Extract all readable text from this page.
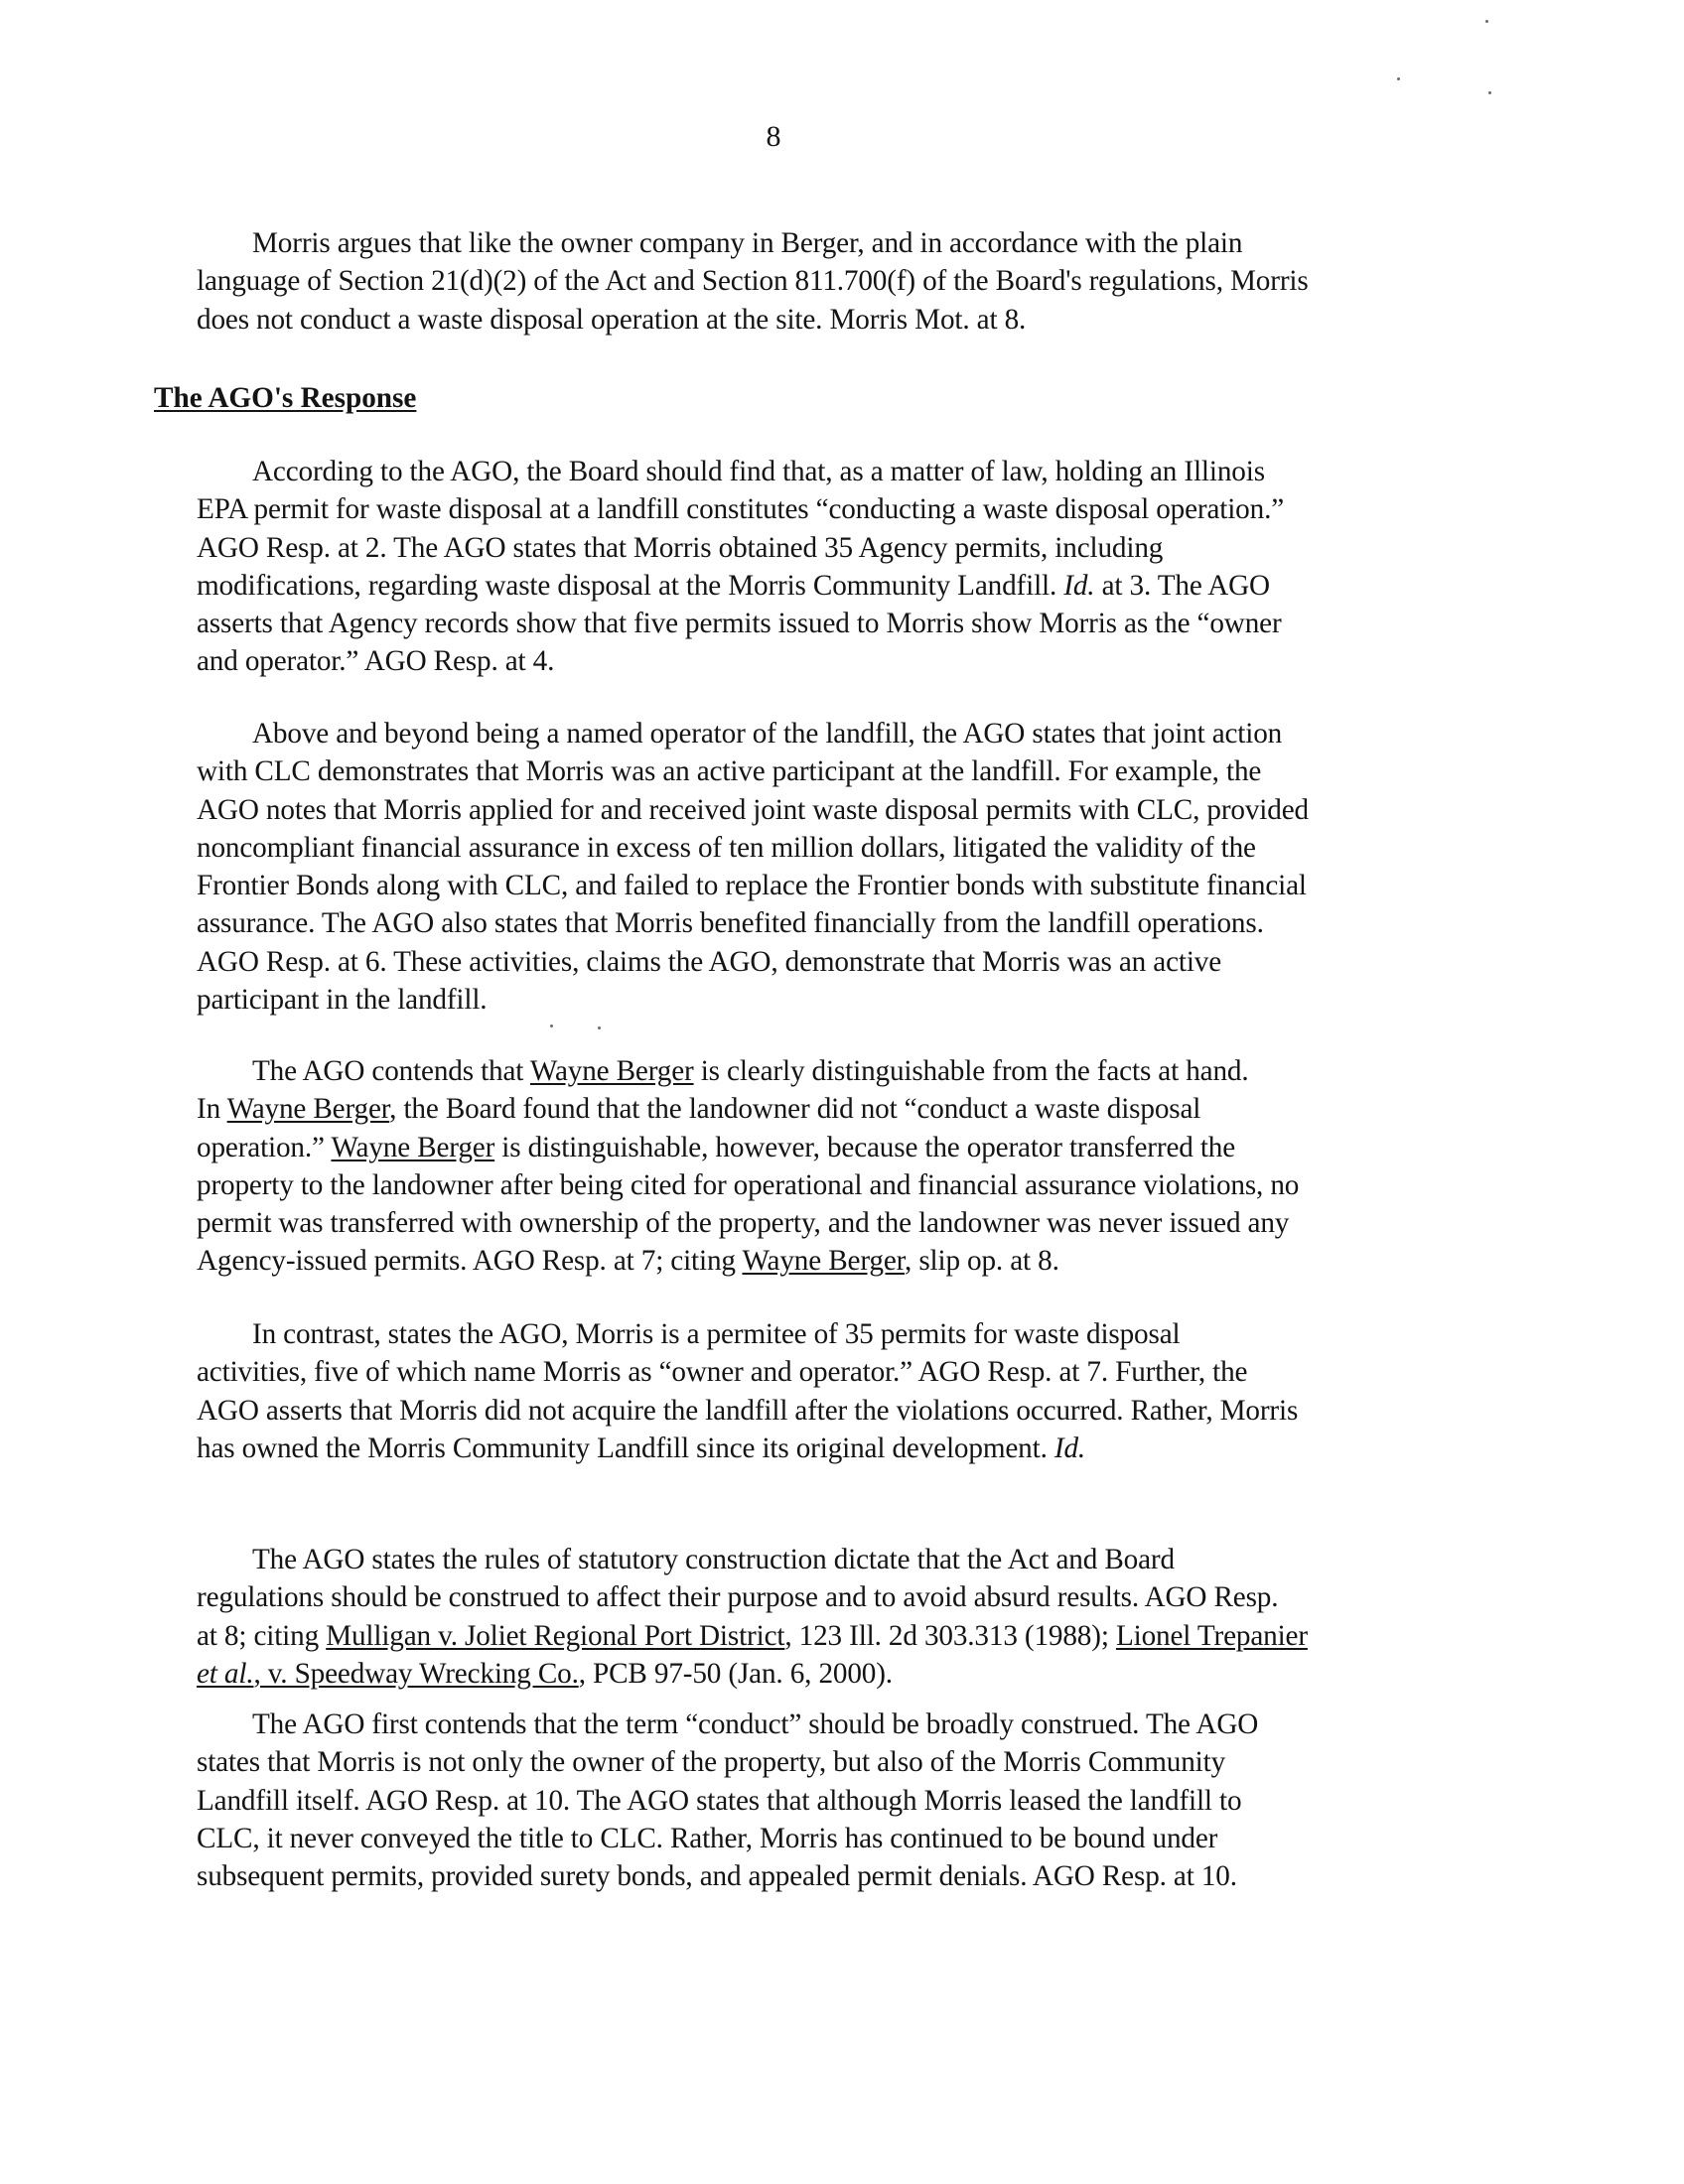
8

Morris argues that like the owner company in Berger, and in accordance with the plain
language of Section 21(d)(2) of the Act and Section 811.700(f) of the Board's regulations, Morris
does not conduct a waste disposal operation at the site. Morris Mot. at 8.

The AGO's Response

According to the AGO, the Board should find that, as a matter of law, holding an Illinois
EPA permit for waste disposal at a landfill constitutes “conducting a waste disposal operation.”
AGO Resp. at 2. The AGO states that Morris obtained 35 Agency permits, including
modifications, regarding waste disposal at the Morris Community Landfill. Id. at 3. The AGO
asserts that Agency records show that five permits issued to Morris show Morris as the “owner
and operator.” AGO Resp. at 4.

Above and beyond being a named operator of the landfill, the AGO states that joint action
with CLC demonstrates that Morris was an active participant at the landfill. For example, the
AGO notes that Morris applied for and received joint waste disposal permits with CLC, provided
noncompliant financial assurance in excess of ten million dollars, litigated the validity of the
Frontier Bonds along with CLC, and failed to replace the Frontier bonds with substitute financial
assurance. The AGO also states that Morris benefited financially from the landfill operations.
AGO Resp. at 6. These activities, claims the AGO, demonstrate that Morris was an active
participant in the landfill.

The AGO contends that Wayne Berger is clearly distinguishable from the facts at hand.
In Wayne Berger, the Board found that the landowner did not “conduct a waste disposal
operation.” Wayne Berger is distinguishable, however, because the operator transferred the
property to the landowner after being cited for operational and financial assurance violations, no
permit was transferred with ownership of the property, and the landowner was never issued any
Agency-issued permits. AGO Resp. at 7; citing Wayne Berger, slip op. at 8.

In contrast, states the AGO, Morris is a permitee of 35 permits for waste disposal
activities, five of which name Morris as “owner and operator.” AGO Resp. at 7. Further, the
AGO asserts that Morris did not acquire the landfill after the violations occurred. Rather, Morris
has owned the Morris Community Landfill since its original development. Id.

The AGO states the rules of statutory construction dictate that the Act and Board
regulations should be construed to affect their purpose and to avoid absurd results. AGO Resp.
at 8; citing Mulligan v. Joliet Regional Port District, 123 Ill. 2d 303.313 (1988); Lionel Trepanier
et al., v. Speedway Wrecking Co., PCB 97-50 (Jan. 6, 2000).

The AGO first contends that the term “conduct” should be broadly construed. The AGO
states that Morris is not only the owner of the property, but also of the Morris Community
Landfill itself. AGO Resp. at 10. The AGO states that although Morris leased the landfill to
CLC, it never conveyed the title to CLC. Rather, Morris has continued to be bound under
subsequent permits, provided surety bonds, and appealed permit denials. AGO Resp. at 10.
